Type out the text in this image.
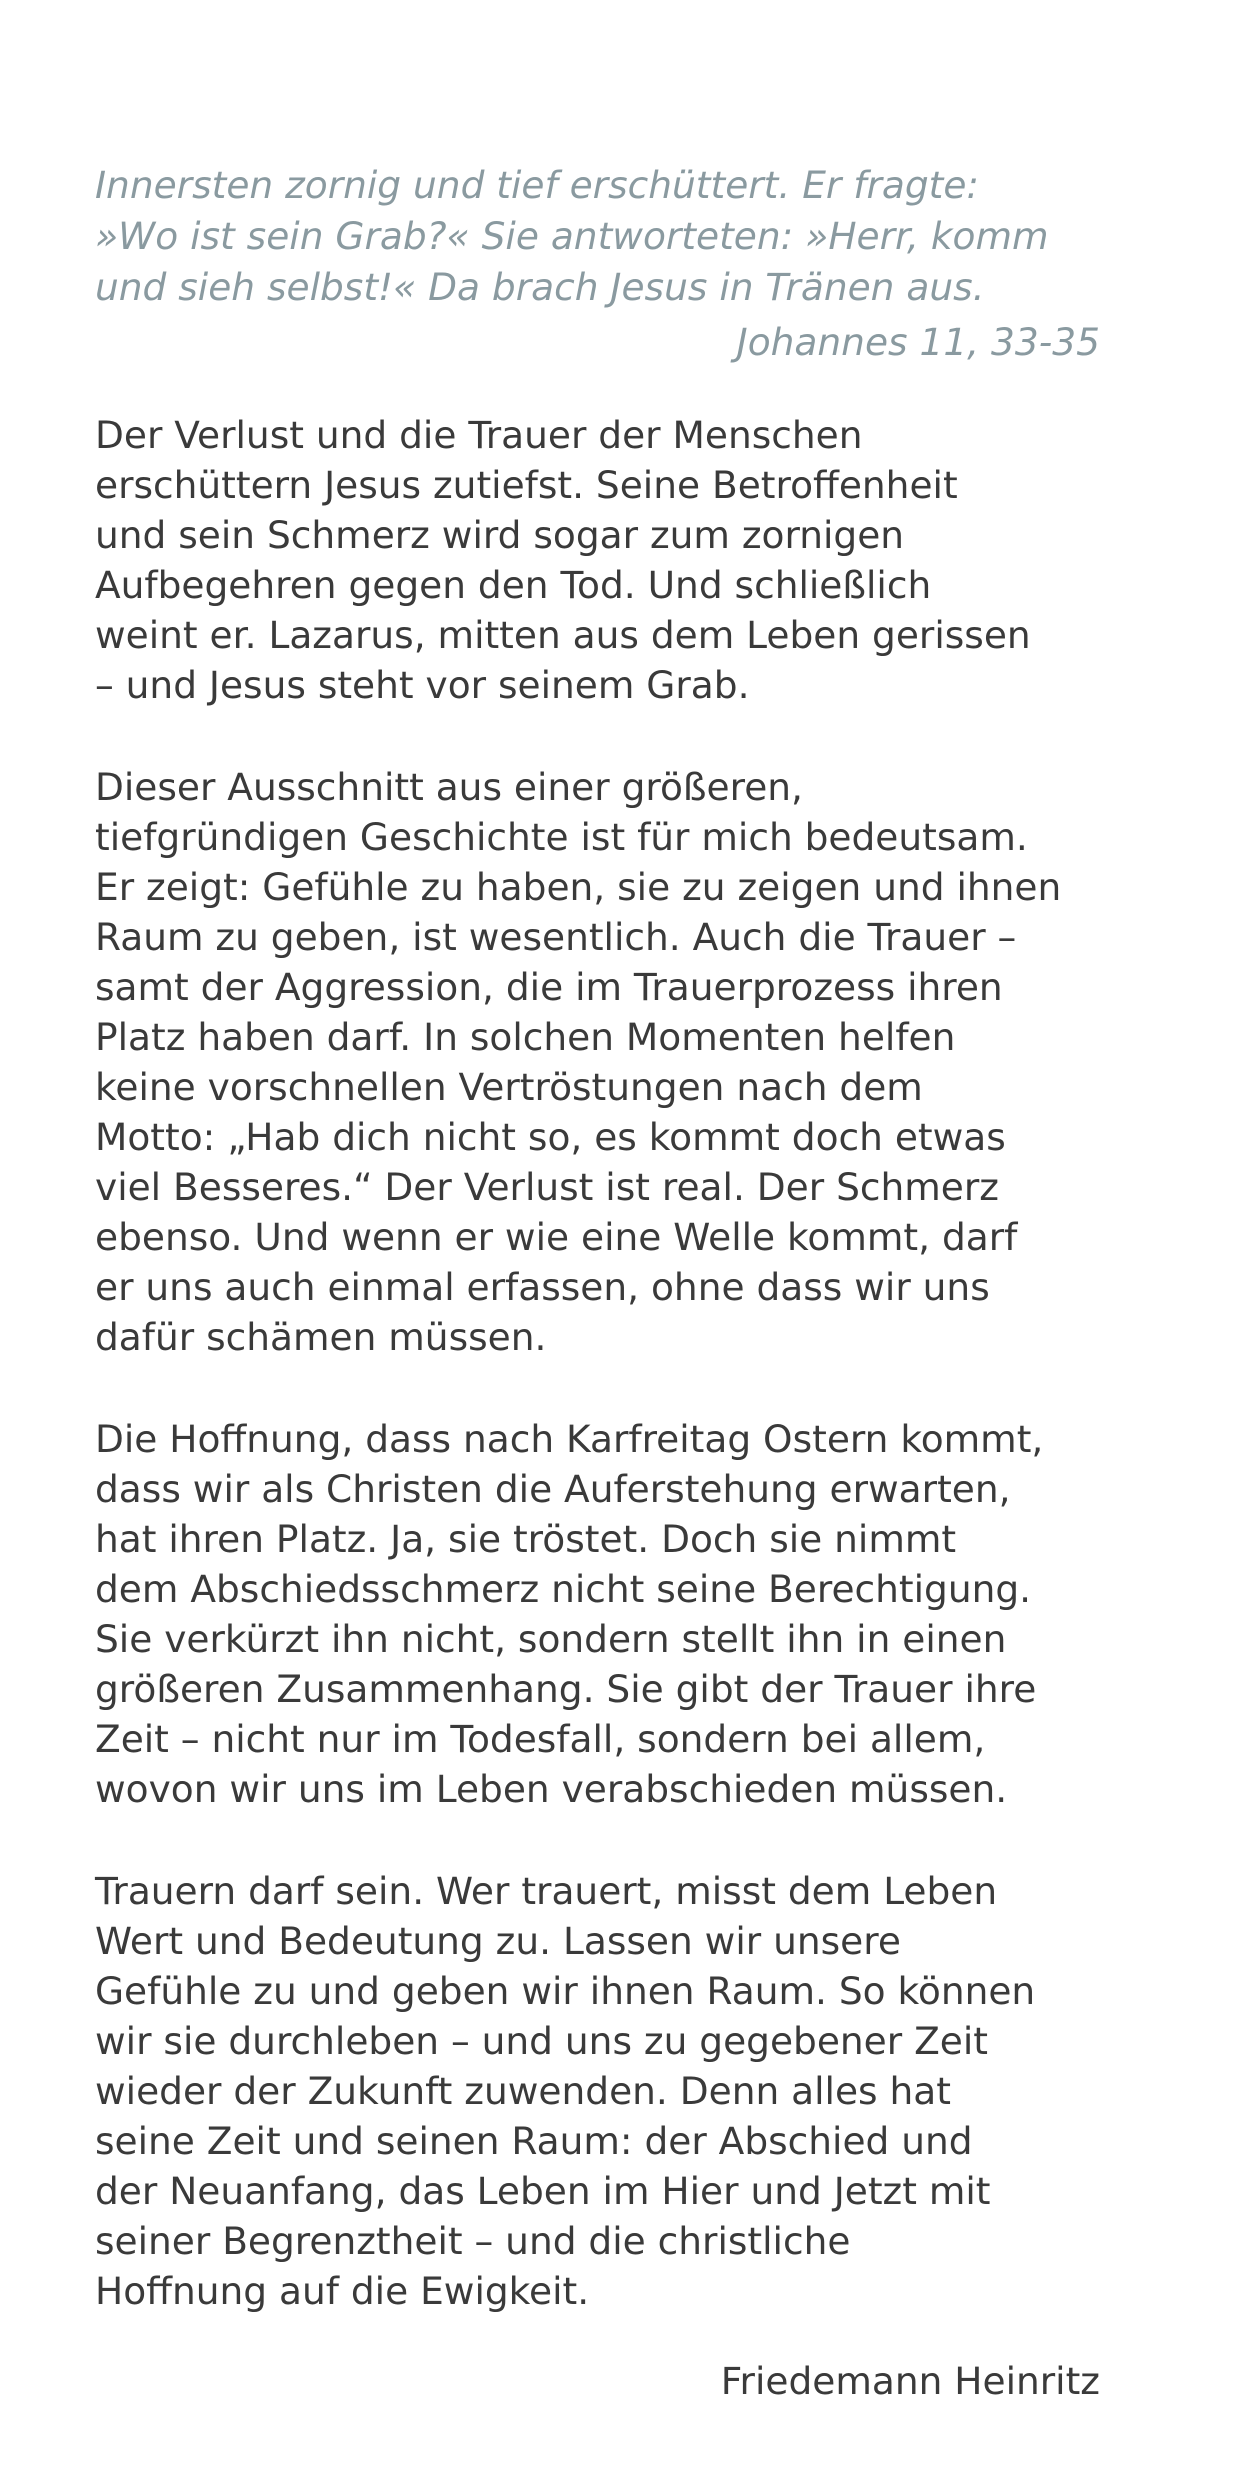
Innersten zornig und tief erschüttert. Er fragte:
»Wo ist sein Grab?« Sie antworteten: »Herr, komm
und sieh selbst!« Da brach Jesus in Tränen aus.

Johannes 11, 33-35

Der Verlust und die Trauer der Menschen
erschüttern Jesus zutiefst. Seine Betroffenheit
und sein Schmerz wird sogar zum zornigen
Aufbegehren gegen den Tod. Und schließlich
weint er. Lazarus, mitten aus dem Leben gerissen
– und Jesus steht vor seinem Grab.

Dieser Ausschnitt aus einer größeren,
tiefgründigen Geschichte ist für mich bedeutsam.
Er zeigt: Gefühle zu haben, sie zu zeigen und ihnen
Raum zu geben, ist wesentlich. Auch die Trauer –
samt der Aggression, die im Trauerprozess ihren
Platz haben darf. In solchen Momenten helfen
keine vorschnellen Vertröstungen nach dem
Motto: „Hab dich nicht so, es kommt doch etwas
viel Besseres.“ Der Verlust ist real. Der Schmerz
ebenso. Und wenn er wie eine Welle kommt, darf
er uns auch einmal erfassen, ohne dass wir uns
dafür schämen müssen.

Die Hoffnung, dass nach Karfreitag Ostern kommt,
dass wir als Christen die Auferstehung erwarten,
hat ihren Platz. Ja, sie tröstet. Doch sie nimmt
dem Abschiedsschmerz nicht seine Berechtigung.
Sie verkürzt ihn nicht, sondern stellt ihn in einen
größeren Zusammenhang. Sie gibt der Trauer ihre
Zeit – nicht nur im Todesfall, sondern bei allem,
wovon wir uns im Leben verabschieden müssen.

Trauern darf sein. Wer trauert, misst dem Leben
Wert und Bedeutung zu. Lassen wir unsere
Gefühle zu und geben wir ihnen Raum. So können
wir sie durchleben – und uns zu gegebener Zeit
wieder der Zukunft zuwenden. Denn alles hat
seine Zeit und seinen Raum: der Abschied und
der Neuanfang, das Leben im Hier und Jetzt mit
seiner Begrenztheit – und die christliche
Hoffnung auf die Ewigkeit.

Friedemann Heinritz
